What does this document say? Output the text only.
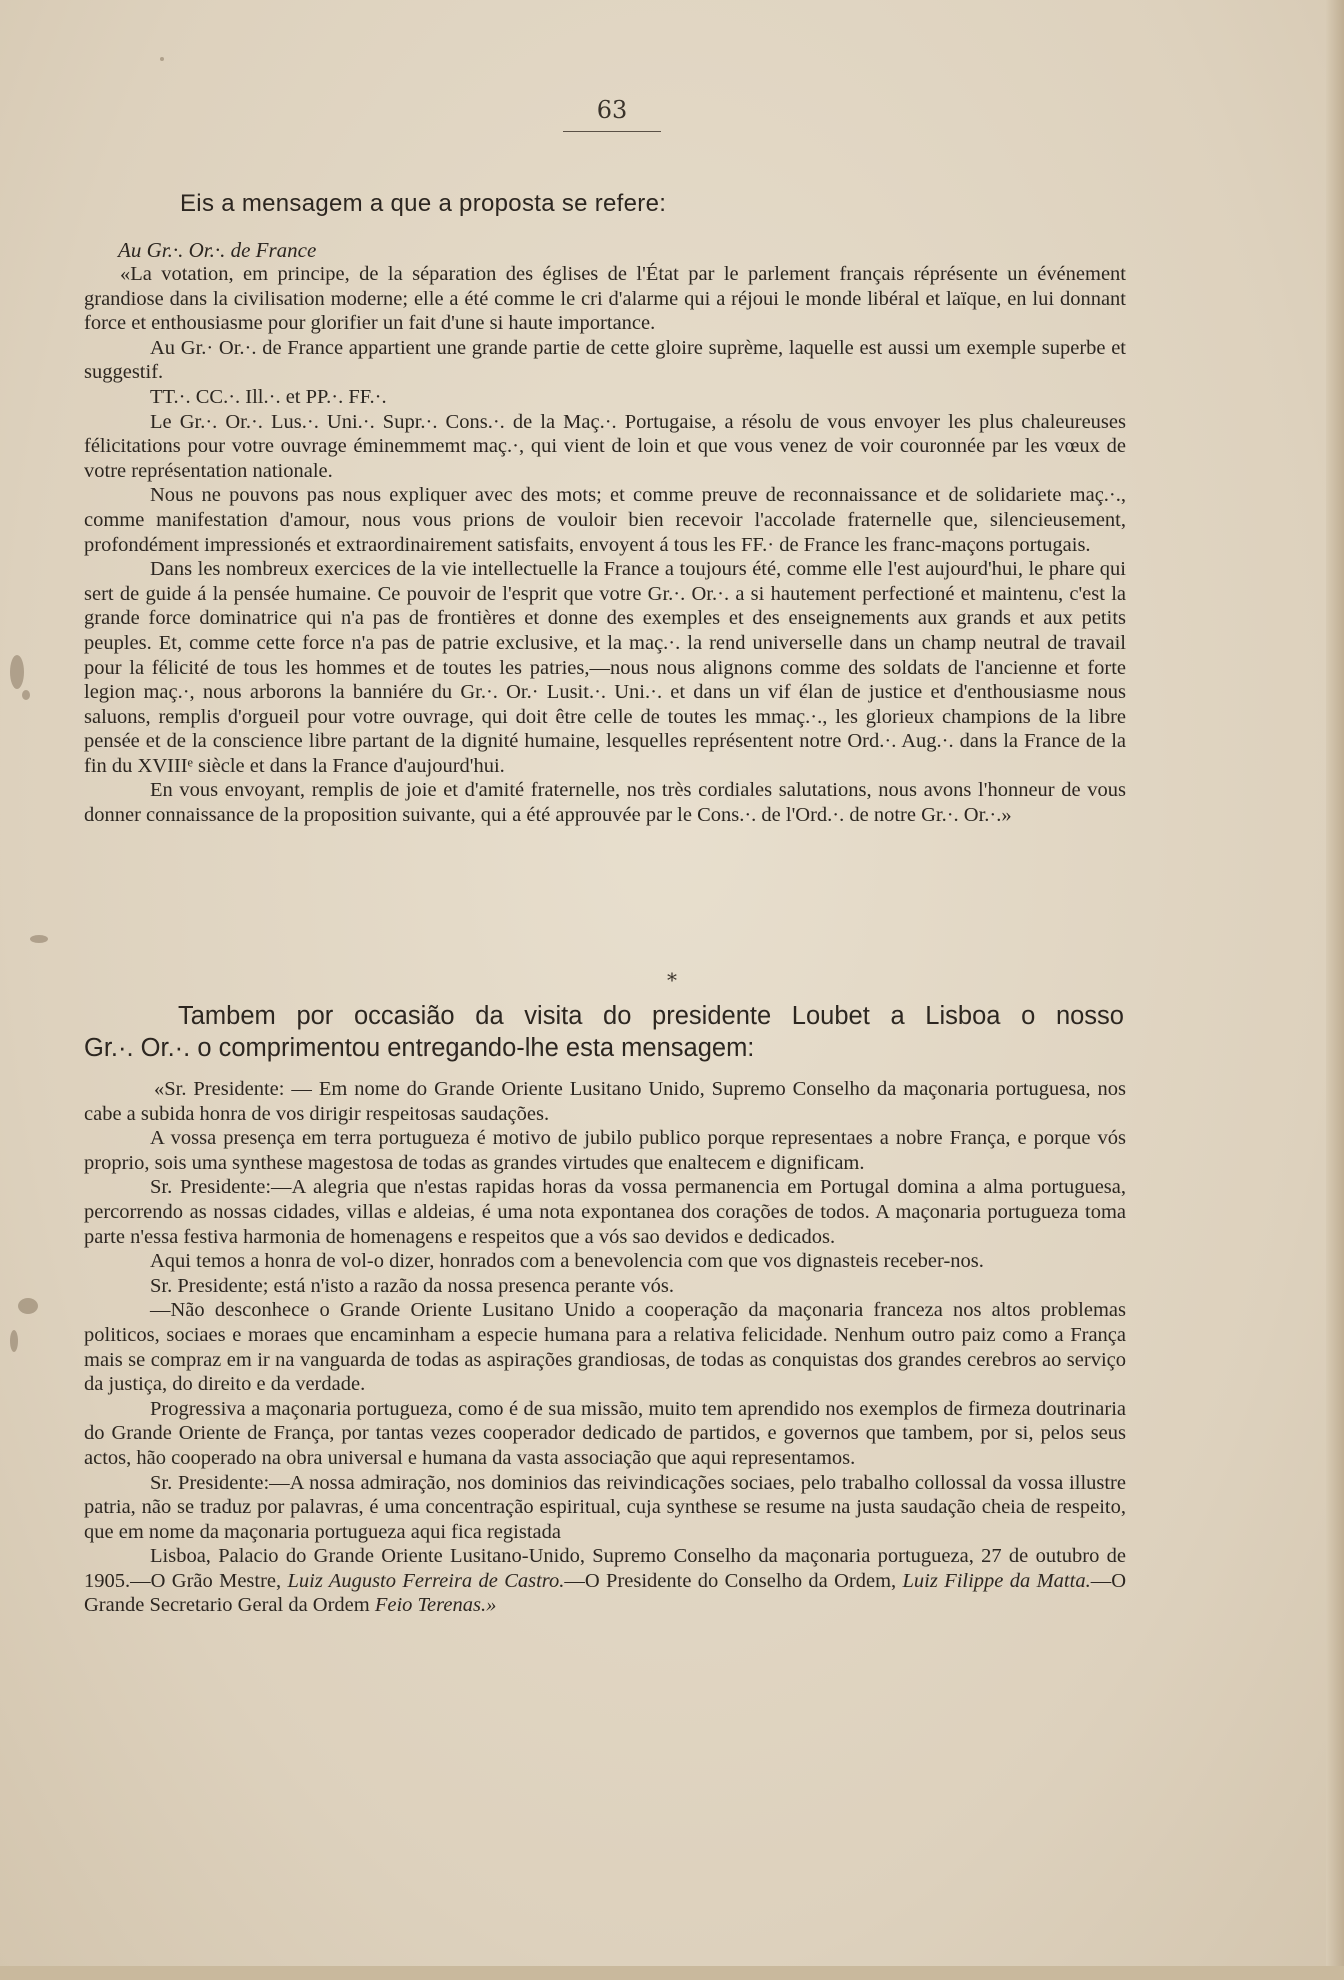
63
Eis a mensagem a que a proposta se refere:
Au Gr.·. Or.·. de France

«La votation, em principe, de la séparation des églises de l'État par le parlement français réprésente un événement grandiose dans la civilisation moderne; elle a été comme le cri d'alarme qui a réjoui le monde libéral et laïque, en lui donnant force et enthousiasme pour glorifier un fait d'une si haute importance.

Au Gr.· Or.·. de France appartient une grande partie de cette gloire suprème, laquelle est aussi um exemple superbe et suggestif.

TT.·. CC.·. Ill.·. et PP.·. FF.·.

Le Gr.·. Or.·. Lus.·. Uni.·. Supr.·. Cons.·. de la Maç.·. Portugaise, a résolu de vous envoyer les plus chaleureuses félicitations pour votre ouvrage éminemmemt maç.·, qui vient de loin et que vous venez de voir couronnée par les vœux de votre représentation nationale.

Nous ne pouvons pas nous expliquer avec des mots; et comme preuve de reconnaissance et de solidariete maç.·., comme manifestation d'amour, nous vous prions de vouloir bien recevoir l'accolade fraternelle que, silencieusement, profondément impressionés et extraordinairement satisfaits, envoyent á tous les FF.· de France les franc-maçons portugais.

Dans les nombreux exercices de la vie intellectuelle la France a toujours été, comme elle l'est aujourd'hui, le phare qui sert de guide á la pensée humaine. Ce pouvoir de l'esprit que votre Gr.·. Or.·. a si hautement perfectioné et maintenu, c'est la grande force dominatrice qui n'a pas de frontières et donne des exemples et des enseignements aux grands et aux petits peuples. Et, comme cette force n'a pas de patrie exclusive, et la maç.·. la rend universelle dans un champ neutral de travail pour la félicité de tous les hommes et de toutes les patries,—nous nous alignons comme des soldats de l'ancienne et forte legion maç.·, nous arborons la banniére du Gr.·. Or.· Lusit.·. Uni.·. et dans un vif élan de justice et d'enthousiasme nous saluons, remplis d'orgueil pour votre ouvrage, qui doit être celle de toutes les mmaç.·., les glorieux champions de la libre pensée et de la conscience libre partant de la dignité humaine, lesquelles représentent notre Ord.·. Aug.·. dans la France de la fin du XVIIIᵉ siècle et dans la France d'aujourd'hui.

En vous envoyant, remplis de joie et d'amité fraternelle, nos très cordiales salutations, nous avons l'honneur de vous donner connaissance de la proposition suivante, qui a été approuvée par le Cons.·. de l'Ord.·. de notre Gr.·. Or.·.»

*
Tambem por occasião da visita do presidente Loubet a Lisboa o nosso
Gr.·. Or.·. o comprimentou entregando-lhe esta mensagem:

«Sr. Presidente: — Em nome do Grande Oriente Lusitano Unido, Supremo Conselho da maçonaria portuguesa, nos cabe a subida honra de vos dirigir respeitosas saudações.

A vossa presença em terra portugueza é motivo de jubilo publico porque representaes a nobre França, e porque vós proprio, sois uma synthese magestosa de todas as grandes virtudes que enaltecem e dignificam.

Sr. Presidente:—A alegria que n'estas rapidas horas da vossa permanencia em Portugal domina a alma portuguesa, percorrendo as nossas cidades, villas e aldeias, é uma nota expontanea dos corações de todos. A maçonaria portugueza toma parte n'essa festiva harmonia de homenagens e respeitos que a vós sao devidos e dedicados.

Aqui temos a honra de vol-o dizer, honrados com a benevolencia com que vos dignasteis receber-nos.

Sr. Presidente; está n'isto a razão da nossa presenca perante vós.

—Não desconhece o Grande Oriente Lusitano Unido a cooperação da maçonaria franceza nos altos problemas politicos, sociaes e moraes que encaminham a especie humana para a relativa felicidade. Nenhum outro paiz como a França mais se compraz em ir na vanguarda de todas as aspirações grandiosas, de todas as conquistas dos grandes cerebros ao serviço da justiça, do direito e da verdade.

Progressiva a maçonaria portugueza, como é de sua missão, muito tem aprendido nos exemplos de firmeza doutrinaria do Grande Oriente de França, por tantas vezes cooperador dedicado de partidos, e governos que tambem, por si, pelos seus actos, hão cooperado na obra universal e humana da vasta associação que aqui representamos.

Sr. Presidente:—A nossa admiração, nos dominios das reivindicações sociaes, pelo trabalho collossal da vossa illustre patria, não se traduz por palavras, é uma concentração espiritual, cuja synthese se resume na justa saudação cheia de respeito, que em nome da maçonaria portugueza aqui fica registada

Lisboa, Palacio do Grande Oriente Lusitano-Unido, Supremo Conselho da maçonaria portugueza, 27 de outubro de 1905.—O Grão Mestre, Luiz Augusto Ferreira de Castro.—O Presidente do Conselho da Ordem, Luiz Filippe da Matta.—O Grande Secretario Geral da Ordem Feio Terenas.»
